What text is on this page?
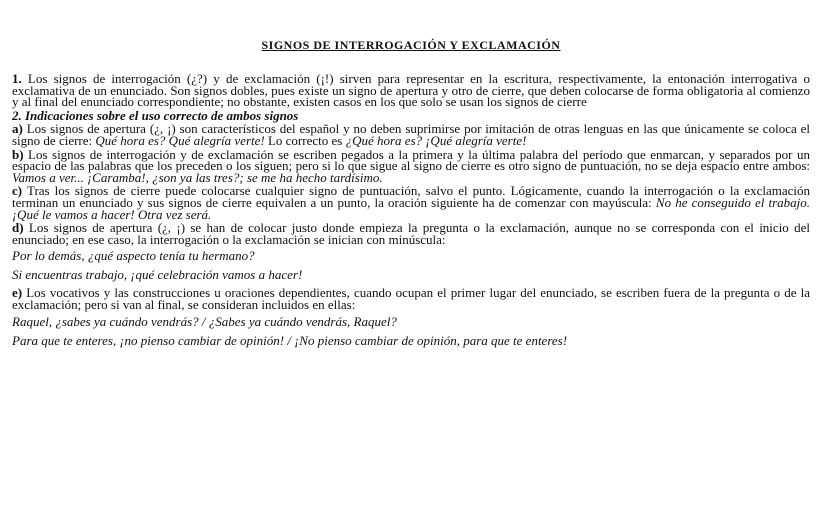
SIGNOS DE INTERROGACIÓN Y EXCLAMACIÓN

1. Los signos de interrogación (¿?) y de exclamación (¡!) sirven para representar en la escritura, respectivamente, la entonación interrogativa o exclamativa de un enunciado. Son signos dobles, pues existe un signo de apertura y otro de cierre, que deben colocarse de forma obligatoria al comienzo y al final del enunciado correspondiente; no obstante, existen casos en los que solo se usan los signos de cierre

2. Indicaciones sobre el uso correcto de ambos signos

a) Los signos de apertura (¿, ¡) son característicos del español y no deben suprimirse por imitación de otras lenguas en las que únicamente se coloca el signo de cierre: Qué hora es? Qué alegría verte! Lo correcto es ¿Qué hora es? ¡Qué alegría verte!

b) Los signos de interrogación y de exclamación se escriben pegados a la primera y la última palabra del período que enmarcan, y separados por un espacio de las palabras que los preceden o los siguen; pero si lo que sigue al signo de cierre es otro signo de puntuación, no se deja espacio entre ambos: Vamos a ver... ¡Caramba!, ¿son ya las tres?; se me ha hecho tardísimo.

c) Tras los signos de cierre puede colocarse cualquier signo de puntuación, salvo el punto. Lógicamente, cuando la interrogación o la exclamación terminan un enunciado y sus signos de cierre equivalen a un punto, la oración siguiente ha de comenzar con mayúscula: No he conseguido el trabajo. ¡Qué le vamos a hacer! Otra vez será.

d) Los signos de apertura (¿, ¡) se han de colocar justo donde empieza la pregunta o la exclamación, aunque no se corresponda con el inicio del enunciado; en ese caso, la interrogación o la exclamación se inician con minúscula:

Por lo demás, ¿qué aspecto tenía tu hermano?
Si encuentras trabajo, ¡qué celebración vamos a hacer!

e) Los vocativos y las construcciones u oraciones dependientes, cuando ocupan el primer lugar del enunciado, se escriben fuera de la pregunta o de la exclamación; pero si van al final, se consideran incluidos en ellas:

Raquel, ¿sabes ya cuándo vendrás? / ¿Sabes ya cuándo vendrás, Raquel?
Para que te enteres, ¡no pienso cambiar de opinión! / ¡No pienso cambiar de opinión, para que te enteres!
